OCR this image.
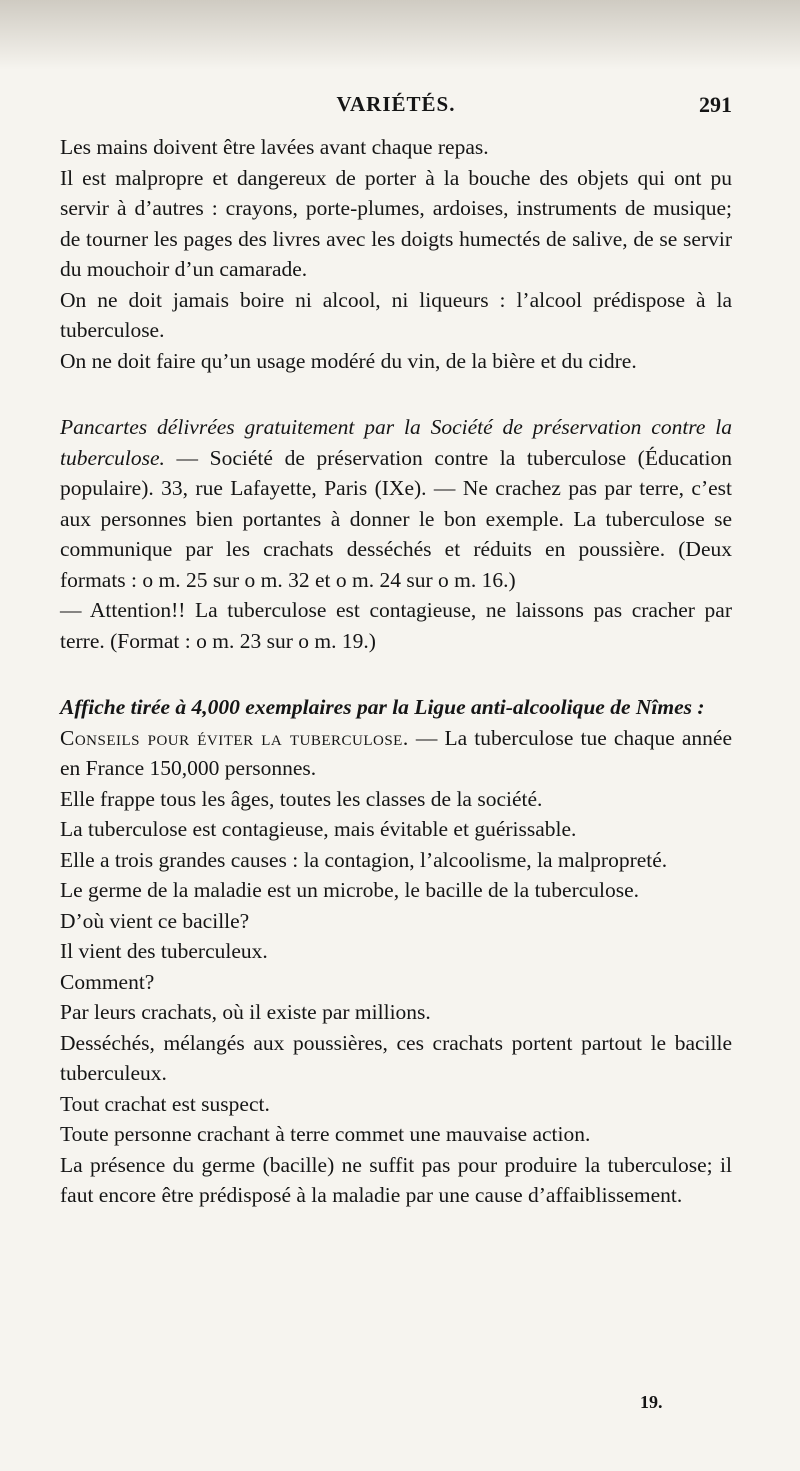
VARIÉTÉS.	291

Les mains doivent être lavées avant chaque repas.

Il est malpropre et dangereux de porter à la bouche des objets qui ont pu servir à d’autres : crayons, porte-plumes, ardoises, instruments de musique; de tourner les pages des livres avec les doigts humectés de salive, de se servir du mouchoir d’un camarade.

On ne doit jamais boire ni alcool, ni liqueurs : l’alcool prédispose à la tuberculose.

On ne doit faire qu’un usage modéré du vin, de la bière et du cidre.

Pancartes délivrées gratuitement par la Société de préservation contre la tuberculose. — Société de préservation contre la tuberculose (Éducation populaire). 33, rue Lafayette, Paris (IXe). — Ne crachez pas par terre, c’est aux personnes bien portantes à donner le bon exemple. La tuberculose se communique par les crachats desséchés et réduits en poussière. (Deux formats : o m. 25 sur o m. 32 et o m. 24 sur o m. 16.)

— Attention!! La tuberculose est contagieuse, ne laissons pas cracher par terre. (Format : o m. 23 sur o m. 19.)

Affiche tirée à 4,000 exemplaires par la Ligue anti-alcoolique de Nîmes :

Conseils pour éviter la tuberculose. — La tuberculose tue chaque année en France 150,000 personnes.

Elle frappe tous les âges, toutes les classes de la société.

La tuberculose est contagieuse, mais évitable et guérissable.

Elle a trois grandes causes : la contagion, l’alcoolisme, la malpropreté.

Le germe de la maladie est un microbe, le bacille de la tuberculose.

D’où vient ce bacille?

Il vient des tuberculeux.

Comment?

Par leurs crachats, où il existe par millions.

Desséchés, mélangés aux poussières, ces crachats portent partout le bacille tuberculeux.

Tout crachat est suspect.

Toute personne crachant à terre commet une mauvaise action.

La présence du germe (bacille) ne suffit pas pour produire la tuberculose; il faut encore être prédisposé à la maladie par une cause d’affaiblissement.

19.
